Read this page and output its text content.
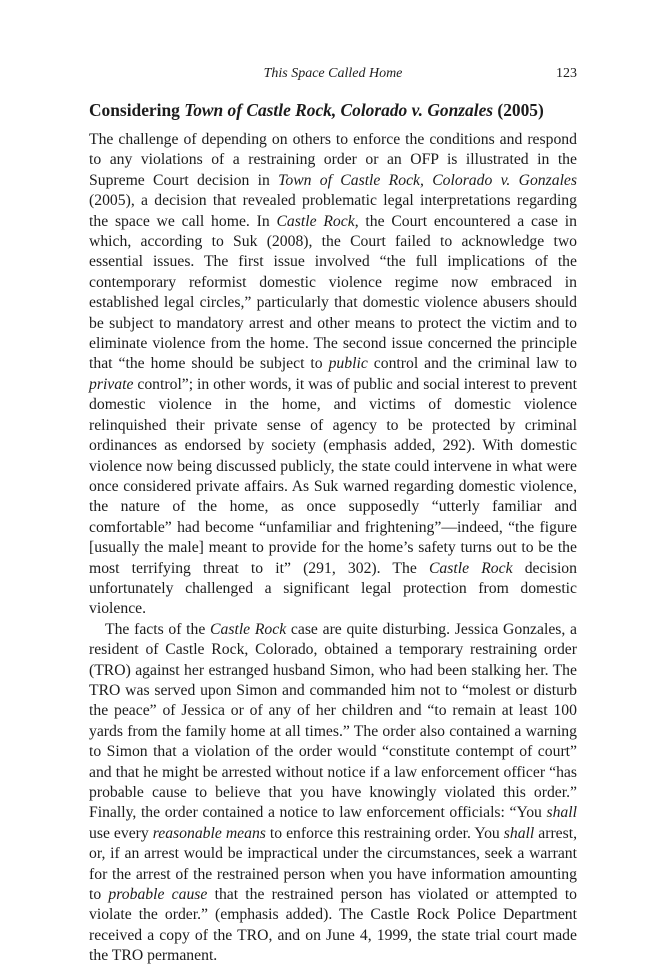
This Space Called Home	123
Considering Town of Castle Rock, Colorado v. Gonzales (2005)

The challenge of depending on others to enforce the conditions and respond to any violations of a restraining order or an OFP is illustrated in the Supreme Court decision in Town of Castle Rock, Colorado v. Gonzales (2005), a decision that revealed problematic legal interpretations regarding the space we call home. In Castle Rock, the Court encountered a case in which, according to Suk (2008), the Court failed to acknowledge two essential issues. The first issue involved “the full implications of the contemporary reformist domestic violence regime now embraced in established legal circles,” particularly that domestic violence abusers should be subject to mandatory arrest and other means to protect the victim and to eliminate violence from the home. The second issue concerned the principle that “the home should be subject to public control and the criminal law to private control”; in other words, it was of public and social interest to prevent domestic violence in the home, and victims of domestic violence relinquished their private sense of agency to be protected by criminal ordinances as endorsed by society (emphasis added, 292). With domestic violence now being discussed publicly, the state could intervene in what were once considered private affairs. As Suk warned regarding domestic violence, the nature of the home, as once supposedly “utterly familiar and comfortable” had become “unfamiliar and frightening”—indeed, “the figure [usually the male] meant to provide for the home’s safety turns out to be the most terrifying threat to it” (291, 302). The Castle Rock decision unfortunately challenged a significant legal protection from domestic violence.

The facts of the Castle Rock case are quite disturbing. Jessica Gonzales, a resident of Castle Rock, Colorado, obtained a temporary restraining order (TRO) against her estranged husband Simon, who had been stalking her. The TRO was served upon Simon and commanded him not to “molest or disturb the peace” of Jessica or of any of her children and “to remain at least 100 yards from the family home at all times.” The order also contained a warning to Simon that a violation of the order would “constitute contempt of court” and that he might be arrested without notice if a law enforcement officer “has probable cause to believe that you have knowingly violated this order.” Finally, the order contained a notice to law enforcement officials: “You shall use every reasonable means to enforce this restraining order. You shall arrest, or, if an arrest would be impractical under the circumstances, seek a warrant for the arrest of the restrained person when you have information amounting to probable cause that the restrained person has violated or attempted to violate the order.” (emphasis added). The Castle Rock Police Department received a copy of the TRO, and on June 4, 1999, the state trial court made the TRO permanent.
